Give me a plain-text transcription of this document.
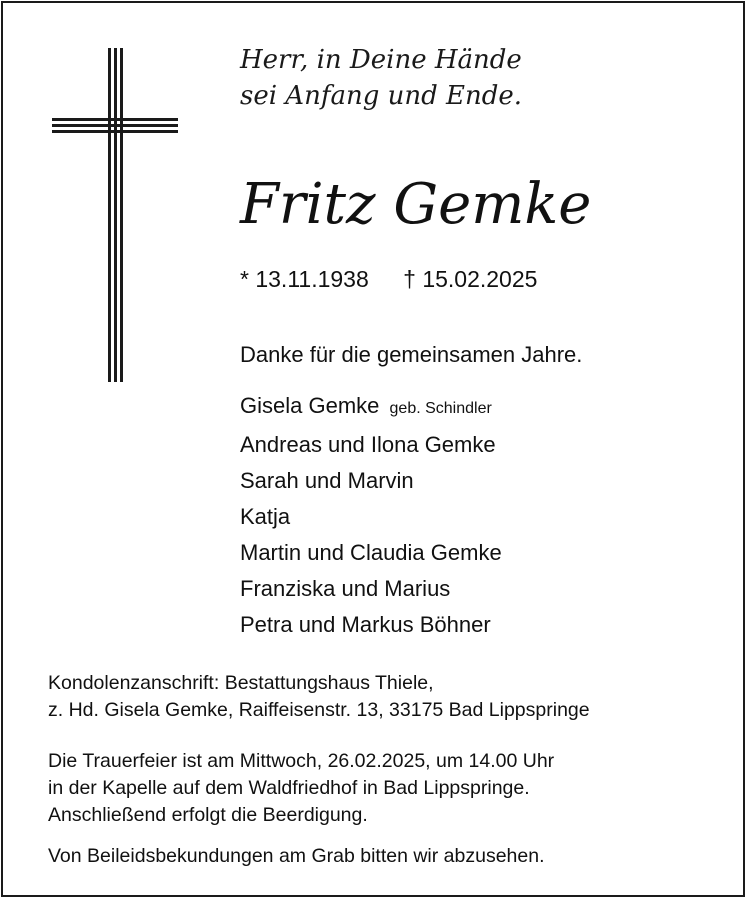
Herr, in Deine Hände
sei Anfang und Ende.
Fritz Gemke
* 13.11.1938 † 15.02.2025
Danke für die gemeinsamen Jahre.
Gisela Gemke geb. Schindler
Andreas und Ilona Gemke
Sarah und Marvin
Katja
Martin und Claudia Gemke
Franziska und Marius
Petra und Markus Böhner
Kondolenzanschrift: Bestattungshaus Thiele,
z. Hd. Gisela Gemke, Raiffeisenstr. 13, 33175 Bad Lippspringe
Die Trauerfeier ist am Mittwoch, 26.02.2025, um 14.00 Uhr
in der Kapelle auf dem Waldfriedhof in Bad Lippspringe.
Anschließend erfolgt die Beerdigung.
Von Beileidsbekundungen am Grab bitten wir abzusehen.
